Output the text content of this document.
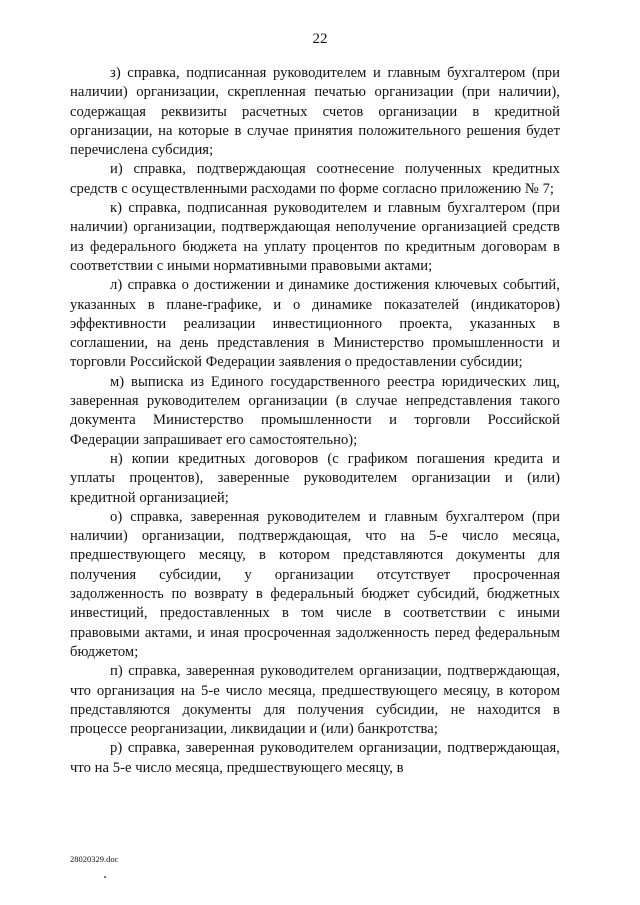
22

з) справка, подписанная руководителем и главным бухгалтером (при наличии) организации, скрепленная печатью организации (при наличии), содержащая реквизиты расчетных счетов организации в кредитной организации, на которые в случае принятия положительного решения будет перечислена субсидия;

и) справка, подтверждающая соотнесение полученных кредитных средств с осуществленными расходами по форме согласно приложению № 7;

к) справка, подписанная руководителем и главным бухгалтером (при наличии) организации, подтверждающая неполучение организацией средств из федерального бюджета на уплату процентов по кредитным договорам в соответствии с иными нормативными правовыми актами;

л) справка о достижении и динамике достижения ключевых событий, указанных в плане-графике, и о динамике показателей (индикаторов) эффективности реализации инвестиционного проекта, указанных в соглашении, на день представления в Министерство промышленности и торговли Российской Федерации заявления о предоставлении субсидии;

м) выписка из Единого государственного реестра юридических лиц, заверенная руководителем организации (в случае непредставления такого документа Министерство промышленности и торговли Российской Федерации запрашивает его самостоятельно);

н) копии кредитных договоров (с графиком погашения кредита и уплаты процентов), заверенные руководителем организации и (или) кредитной организацией;

о) справка, заверенная руководителем и главным бухгалтером (при наличии) организации, подтверждающая, что на 5-е число месяца, предшествующего месяцу, в котором представляются документы для получения субсидии, у организации отсутствует просроченная задолженность по возврату в федеральный бюджет субсидий, бюджетных инвестиций, предоставленных в том числе в соответствии с иными правовыми актами, и иная просроченная задолженность перед федеральным бюджетом;

п) справка, заверенная руководителем организации, подтверждающая, что организация на 5-е число месяца, предшествующего месяцу, в котором представляются документы для получения субсидии, не находится в процессе реорганизации, ликвидации и (или) банкротства;

р) справка, заверенная руководителем организации, подтверждающая, что на 5-е число месяца, предшествующего месяцу, в

28020329.doc
